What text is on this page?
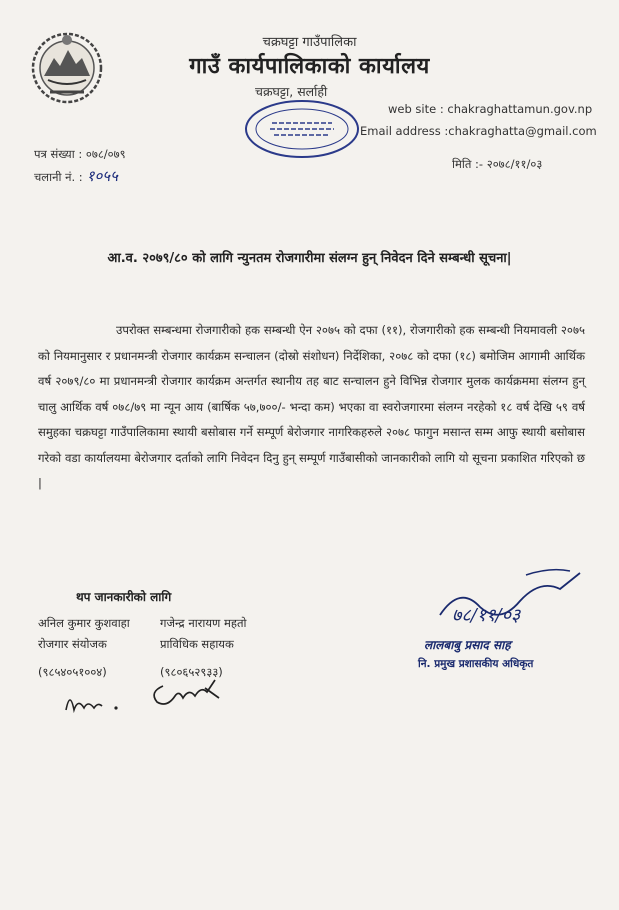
चक्रघट्टा गाउँपालिका
गाउँ कार्यपालिकाको कार्यालय
चक्रघट्टा, सर्लाही
web site : chakraghattamun.gov.np
Email address :chakraghatta@gmail.com
पत्र संख्या : ०७८/०७९
चलानी नं. : १०५५
मिति :- २०७८/११/०३
आ.व. २०७९/८० को लागि न्युनतम रोजगारीमा संलग्न हुन् निवेदन दिने सम्बन्धी सूचना|
उपरोक्त सम्बन्धमा रोजगारीको हक सम्बन्धी ऐन २०७५ को दफा (११), रोजगारीको हक सम्बन्धी नियमावली २०७५ को नियमानुसार र प्रधानमन्त्री रोजगार कार्यक्रम सन्चालन (दोस्रो संशोधन) निर्देशिका, २०७८ को दफा (१८) बमोजिम आगामी आर्थिक वर्ष २०७९/८० मा प्रधानमन्त्री रोजगार कार्यक्रम अन्तर्गत स्थानीय तह बाट सन्चालन हुने विभिन्न रोजगार मुलक कार्यक्रममा संलग्न हुन् चालु आर्थिक वर्ष ०७८/७९ मा न्यून आय (बार्षिक ५७,७००/- भन्दा कम) भएका वा स्वरोजगारमा संलग्न नरहेको १८ वर्ष देखि ५९ वर्ष समुहका चक्रघट्टा गाउँपालिकामा स्थायी बसोबास गर्ने सम्पूर्ण बेरोजगार नागरिकहरुले २०७८ फागुन मसान्त सम्म आफु स्थायी बसोबास गरेको वडा कार्यालयमा बेरोजगार दर्ताको लागि निवेदन दिनु हुन् सम्पूर्ण गाउँबासीको जानकारीको लागि यो सूचना प्रकाशित गरिएको छ |
थप जानकारीको लागि
अनिल कुमार कुशवाहा
रोजगार संयोजक
(९८५४०५१००४)
गजेन्द्र नारायण महतो
प्राविधिक सहायक
(९८०६५२९३३)
७८/११/०३
लालबाबु प्रसाद साह
नि. प्रमुख प्रशासकीय अधिकृत
